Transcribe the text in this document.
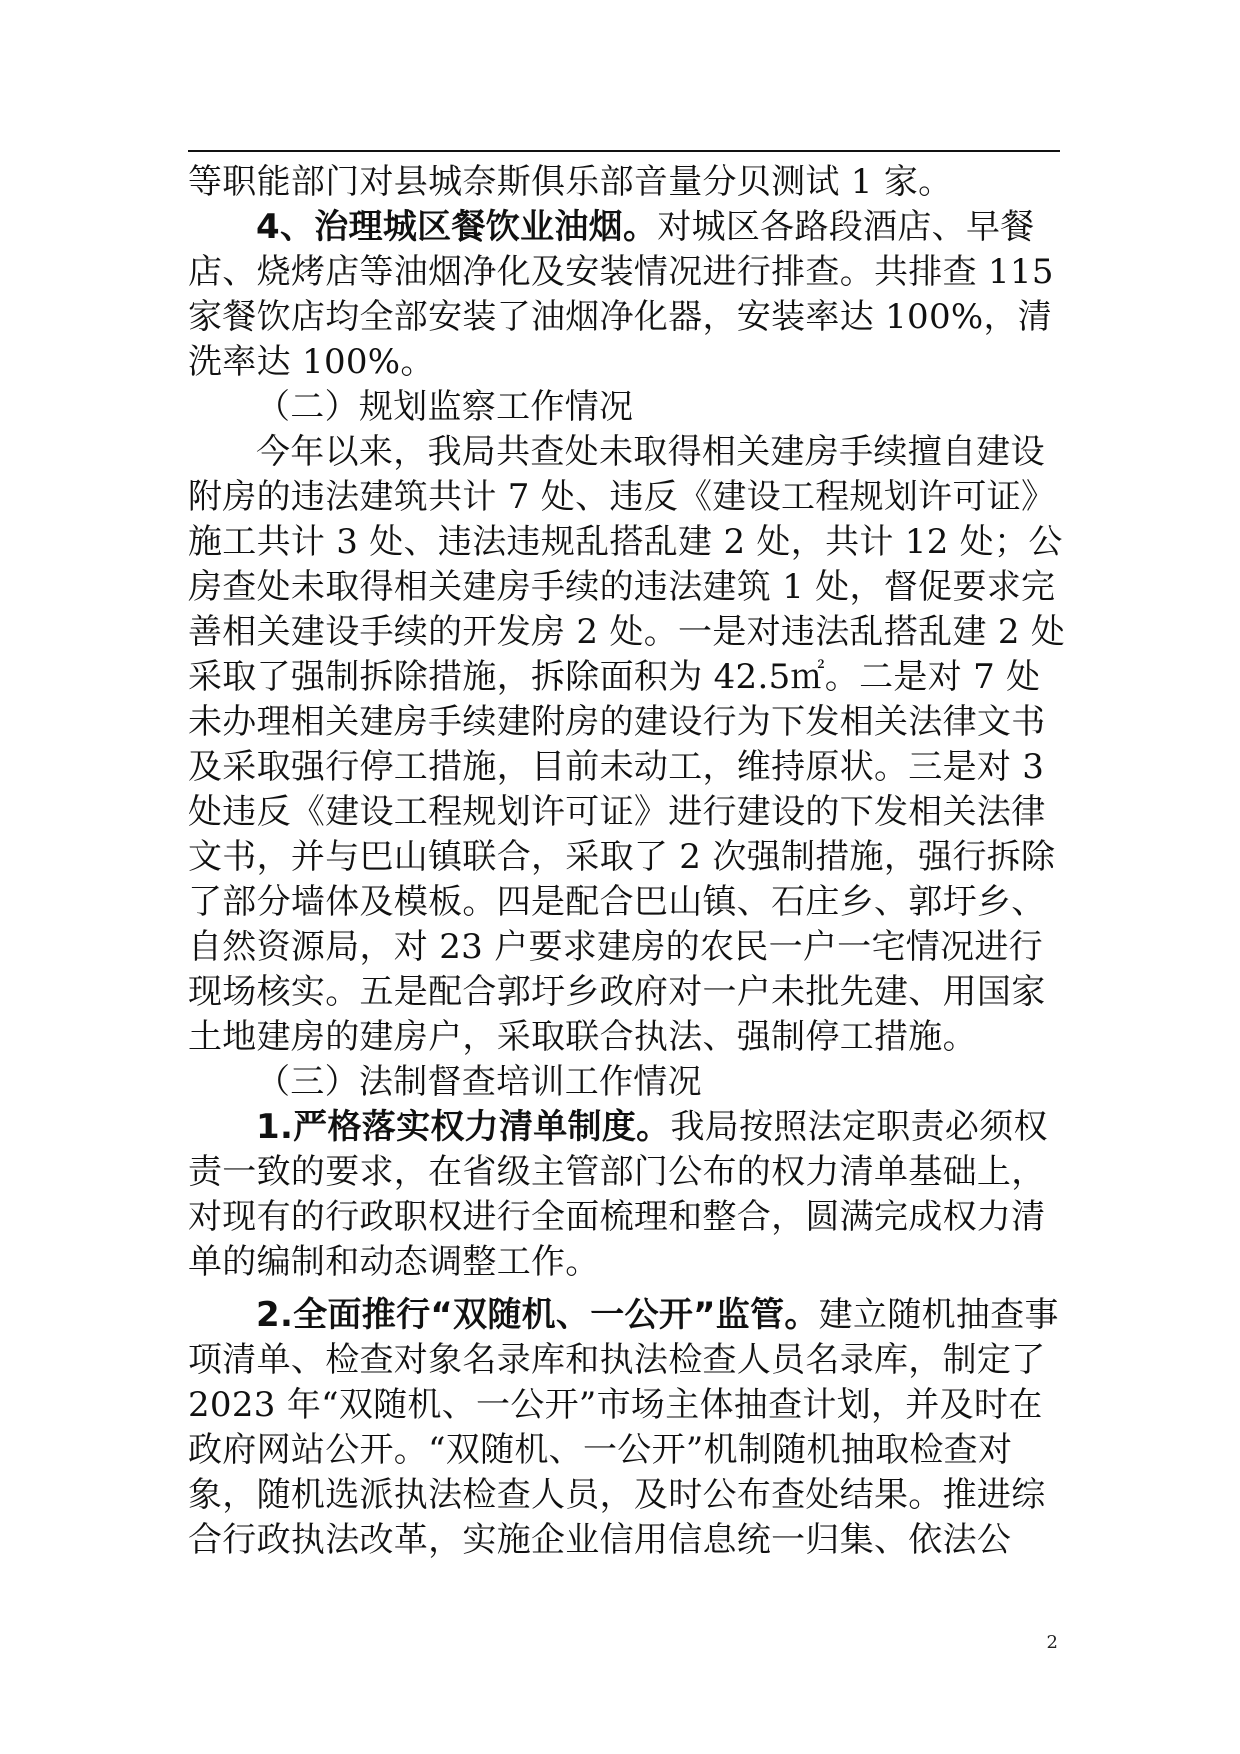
等职能部门对县城奈斯俱乐部音量分贝测试 1 家。

4、治理城区餐饮业油烟。对城区各路段酒店、早餐店、烧烤店等油烟净化及安装情况进行排查。共排查 115 家餐饮店均全部安装了油烟净化器，安装率达 100%，清洗率达 100%。

（二）规划监察工作情况

今年以来，我局共查处未取得相关建房手续擅自建设附房的违法建筑共计 7 处、违反《建设工程规划许可证》施工共计 3 处、违法违规乱搭乱建 2 处，共计 12 处；公房查处未取得相关建房手续的违法建筑 1 处，督促要求完善相关建设手续的开发房 2 处。一是对违法乱搭乱建 2 处采取了强制拆除措施，拆除面积为 42.5㎡。二是对 7 处未办理相关建房手续建附房的建设行为下发相关法律文书及采取强行停工措施，目前未动工，维持原状。三是对 3 处违反《建设工程规划许可证》进行建设的下发相关法律文书，并与巴山镇联合，采取了 2 次强制措施，强行拆除了部分墙体及模板。四是配合巴山镇、石庄乡、郭圩乡、自然资源局，对 23 户要求建房的农民一户一宅情况进行现场核实。五是配合郭圩乡政府对一户未批先建、用国家土地建房的建房户，采取联合执法、强制停工措施。

（三）法制督查培训工作情况

1.严格落实权力清单制度。我局按照法定职责必须权责一致的要求，在省级主管部门公布的权力清单基础上，对现有的行政职权进行全面梳理和整合，圆满完成权力清单的编制和动态调整工作。

2.全面推行“双随机、一公开”监管。建立随机抽查事项清单、检查对象名录库和执法检查人员名录库，制定了 2023 年“双随机、一公开”市场主体抽查计划，并及时在政府网站公开。“双随机、一公开”机制随机抽取检查对象，随机选派执法检查人员，及时公布查处结果。推进综合行政执法改革，实施企业信用信息统一归集、依法公

2
